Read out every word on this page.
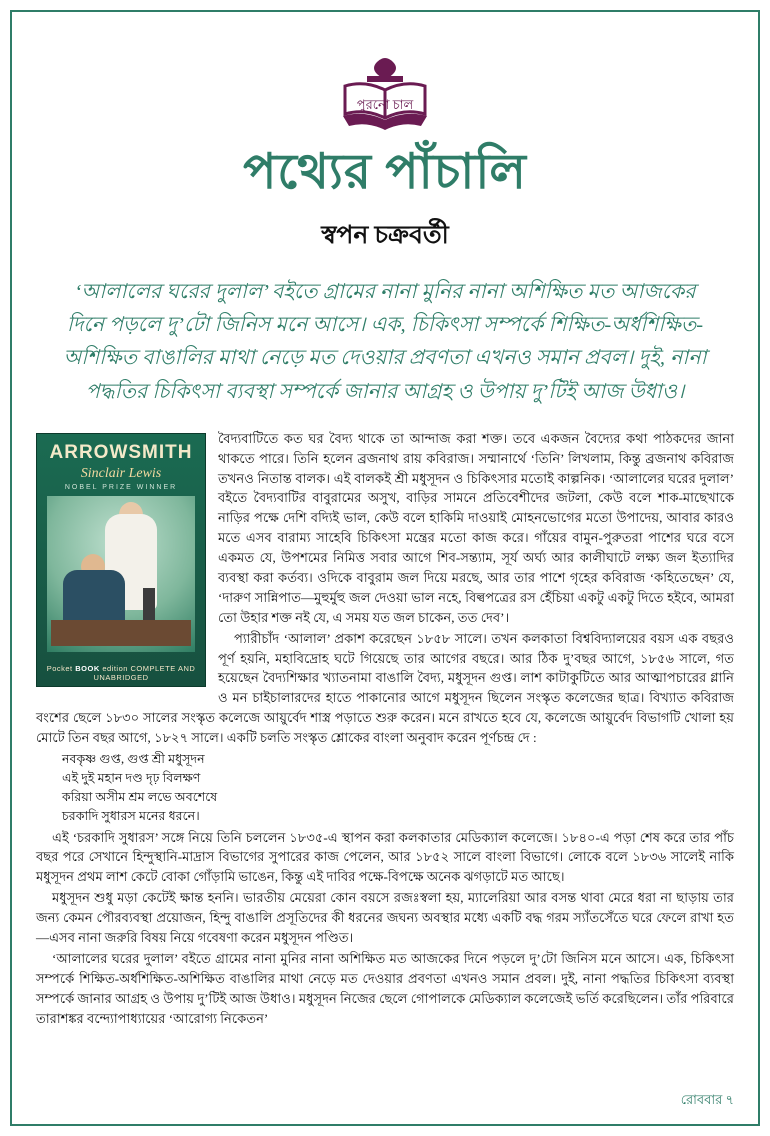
পুরনো চাল
পথ্যের পাঁচালি
স্বপন চক্রবর্তী
‘আলালের ঘরের দুলাল’ বইতে গ্রামের নানা মুনির নানা অশিক্ষিত মত আজকের দিনে পড়লে দু’টো জিনিস মনে আসে। এক, চিকিৎসা সম্পর্কে শিক্ষিত-অর্ধশিক্ষিত-অশিক্ষিত বাঙালির মাথা নেড়ে মত দেওয়ার প্রবণতা এখনও সমান প্রবল। দুই, নানা পদ্ধতির চিকিৎসা ব্যবস্থা সম্পর্কে জানার আগ্রহ ও উপায় দু’টিই আজ উধাও।
ARROWSMITH
Sinclair Lewis
NOBEL PRIZE WINNER
Pocket BOOK edition COMPLETE AND UNABRIDGED

বৈদ্যবাটিতে কত ঘর বৈদ্য থাকে তা আন্দাজ করা শক্ত। তবে একজন বৈদ্যের কথা পাঠকদের জানা থাকতে পারে। তিনি হলেন ব্রজনাথ রায় কবিরাজ। সম্মানার্থে ‘তিনি’ লিখলাম, কিন্তু ব্রজনাথ কবিরাজ তখনও নিতান্ত বালক। এই বালকই শ্রী মধুসূদন ও চিকিৎসার মতোই কাল্পনিক। ‘আলালের ঘরের দুলাল’ বইতে বৈদ্যবাটির বাবুরামের অসুখ, বাড়ির সামনে প্রতিবেশীদের জটলা, কেউ বলে শাক-মাছেখাকে নাড়ির পক্ষে দেশি বদ্যিই ভাল, কেউ বলে হাকিমি দাওয়াই মোহনভোগের মতো উপাদেয়, আবার কারও মতে এসব বারাম্য সাহেবি চিকিৎসা মন্ত্রের মতো কাজ করে। গাঁয়ের বামুন-পুরুতরা পাশের ঘরে বসে একমত যে, উপশমের নিমিত্ত সবার আগে শিব-সন্ত্যাম, সূর্য অর্ঘ্য আর কালীঘাটে লক্ষ্য জল ইত্যাদির ব্যবস্থা করা কর্তব্য। ওদিকে বাবুরাম জল দিয়ে মরছে, আর তার পাশে গৃহের কবিরাজ ‘কহিতেছেন’ যে, ‘দারুণ সান্নিপাত—মুহুর্মুহু জল দেওয়া ভাল নহে, বিল্বপত্রের রস হেঁচিয়া একটু একটু দিতে হইবে, আমরা তো উহার শক্ত নই যে, এ সময় যত জল চাকেন, তত দেব’।

প্যারীচাঁদ ‘আলাল’ প্রকাশ করেছেন ১৮৫৮ সালে। তখন কলকাতা বিশ্ববিদ্যালয়ের বয়স এক বছরও পূর্ণ হয়নি, মহাবিদ্রোহ ঘটে গিয়েছে তার আগের বছরে। আর ঠিক দু’বছর আগে, ১৮৫৬ সালে, গত হয়েছেন বৈদ্যশিক্ষার খ্যাতনামা বাঙালি বৈদ্য, মধুসূদন গুপ্ত। লাশ কাটাকুটিতে আর আত্মাপচারের গ্লানি ও মন চাইচালারদের হাতে পাকানোর আগে মধুসূদন ছিলেন সংস্কৃত কলেজের ছাত্র। বিখ্যাত কবিরাজ বংশের ছেলে ১৮৩০ সালের সংস্কৃত কলেজে আয়ুর্বেদ শাস্ত্র পড়াতে শুরু করেন। মনে রাখতে হবে যে, কলেজে আয়ুর্বেদ বিভাগটি খোলা হয় মোটে তিন বছর আগে, ১৮২৭ সালে। একটি চলতি সংস্কৃত শ্লোকের বাংলা অনুবাদ করেন পূর্ণচন্দ্র দে :

নবকৃষ্ণ গুপ্ত, গুপ্ত শ্রী মধুসূদন
এই দুই মহান দণ্ড দৃঢ় বিলক্ষণ
করিয়া অসীম শ্রম লভে অবশেষে
চরকাদি সুধারস মনের ধরনে।

এই ‘চরকাদি সুধারস’ সঙ্গে নিয়ে তিনি চললেন ১৮৩৫-এ স্থাপন করা কলকাতার মেডিক্যাল কলেজে। ১৮৪০-এ পড়া শেষ করে তার পাঁচ বছর পরে সেখানে হিন্দুস্থানি-মাদ্রাস বিভাগের সুপারের কাজ পেলেন, আর ১৮৫২ সালে বাংলা বিভাগে। লোকে বলে ১৮৩৬ সালেই নাকি মধুসূদন প্রথম লাশ কেটে বোকা গোঁড়ামি ভাঙেন, কিন্তু এই দাবির পক্ষে-বিপক্ষে অনেক ঝগড়াটে মত আছে।

মধুসূদন শুধু মড়া কেটেই ক্ষান্ত হননি। ভারতীয় মেয়েরা কোন বয়সে রজঃস্বলা হয়, ম্যালেরিয়া আর বসন্ত থাবা মেরে ধরা না ছাড়ায় তার জন্য কেমন পৌরব্যবস্থা প্রয়োজন, হিন্দু বাঙালি প্রসূতিদের কী ধরনের জঘন্য অবস্থার মধ্যে একটি বদ্ধ গরম স্যাঁতসেঁতে ঘরে ফেলে রাখা হত—এসব নানা জরুরি বিষয় নিয়ে গবেষণা করেন মধুসূদন পণ্ডিত।

‘আলালের ঘরের দুলাল’ বইতে গ্রামের নানা মুনির নানা অশিক্ষিত মত আজকের দিনে পড়লে দু’টো জিনিস মনে আসে। এক, চিকিৎসা সম্পর্কে শিক্ষিত-অর্ধশিক্ষিত-অশিক্ষিত বাঙালির মাথা নেড়ে মত দেওয়ার প্রবণতা এখনও সমান প্রবল। দুই, নানা পদ্ধতির চিকিৎসা ব্যবস্থা সম্পর্কে জানার আগ্রহ ও উপায় দু’টিই আজ উধাও। মধুসূদন নিজের ছেলে গোপালকে মেডিক্যাল কলেজেই ভর্তি করেছিলেন। তাঁর পরিবারে তারাশঙ্কর বন্দ্যোপাধ্যায়ের ‘আরোগ্য নিকেতন’

রোববার ৭
